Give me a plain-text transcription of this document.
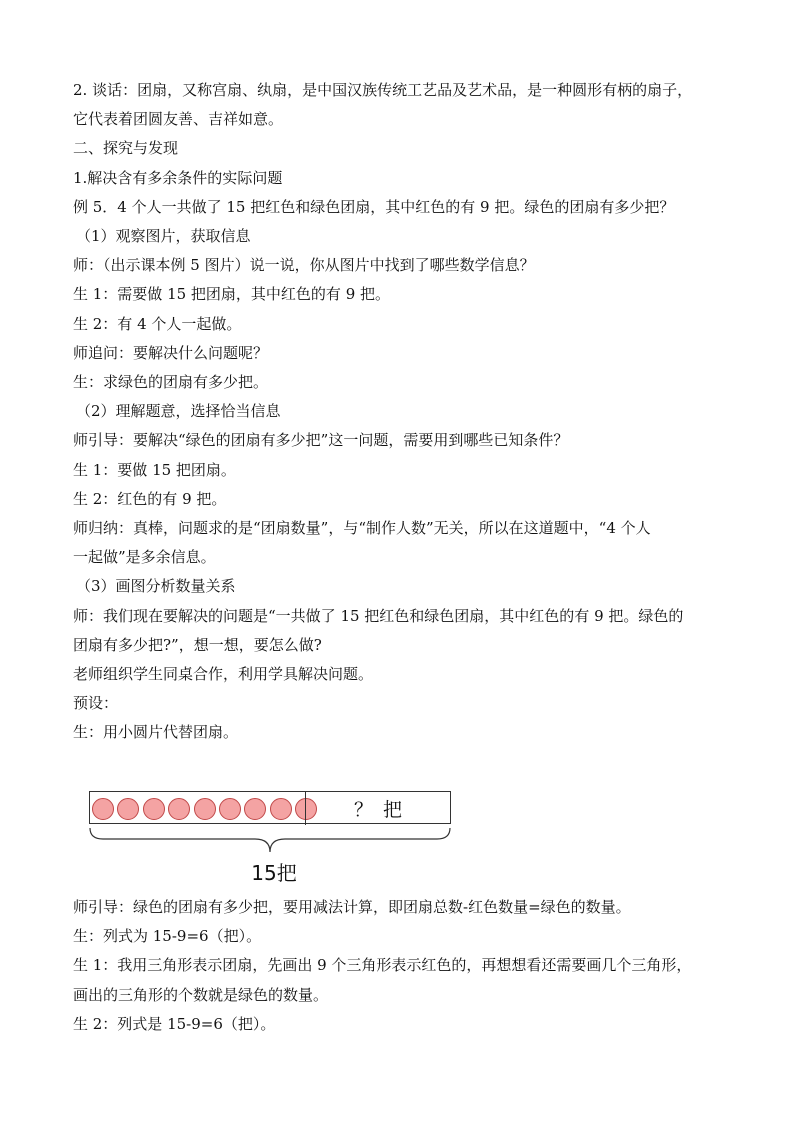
2. 谈话：团扇，又称宫扇、纨扇，是中国汉族传统工艺品及艺术品，是一种圆形有柄的扇子，
它代表着团圆友善、吉祥如意。
二、探究与发现
1.解决含有多余条件的实际问题
例 5．4 个人一共做了 15 把红色和绿色团扇，其中红色的有 9 把。绿色的团扇有多少把？
（1）观察图片，获取信息
师：（出示课本例 5 图片）说一说，你从图片中找到了哪些数学信息？
生 1：需要做 15 把团扇，其中红色的有 9 把。
生 2：有 4 个人一起做。
师追问：要解决什么问题呢？
生：求绿色的团扇有多少把。
（2）理解题意，选择恰当信息
师引导：要解决“绿色的团扇有多少把”这一问题，需要用到哪些已知条件？
生 1：要做 15 把团扇。
生 2：红色的有 9 把。
师归纳：真棒，问题求的是“团扇数量”，与“制作人数”无关，所以在这道题中，“4 个人
一起做”是多余信息。
（3）画图分析数量关系
师：我们现在要解决的问题是“一共做了 15 把红色和绿色团扇，其中红色的有 9 把。绿色的
团扇有多少把?”，想一想，要怎么做?
老师组织学生同桌合作，利用学具解决问题。
预设：
生：用小圆片代替团扇。
？ 把
15把
师引导：绿色的团扇有多少把，要用减法计算，即团扇总数-红色数量=绿色的数量。
生：列式为 15-9=6（把）。
生 1：我用三角形表示团扇，先画出 9 个三角形表示红色的，再想想看还需要画几个三角形，
画出的三角形的个数就是绿色的数量。
生 2：列式是 15-9=6（把）。
